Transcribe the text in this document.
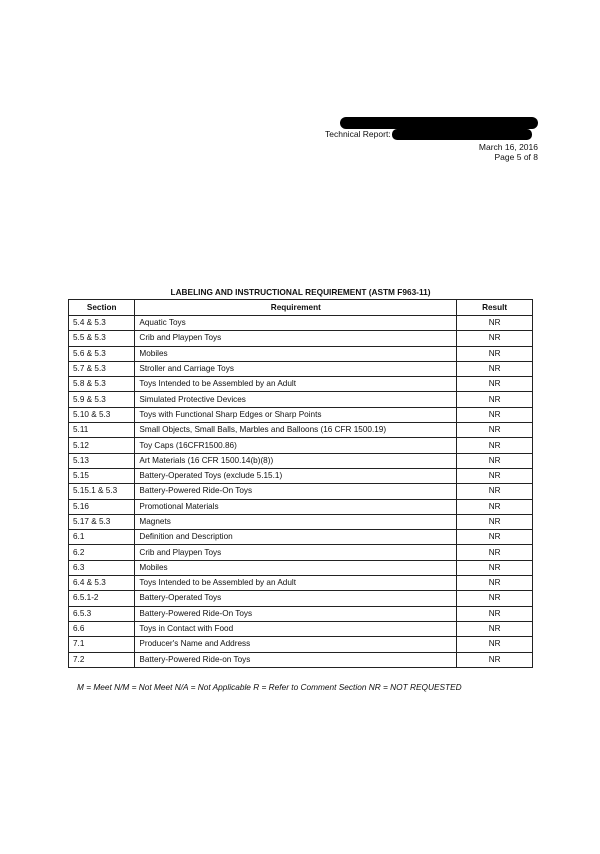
Technical Report:
March 16, 2016
Page 5 of 8
LABELING AND INSTRUCTIONAL REQUIREMENT (ASTM F963-11)
Section	Requirement	Result
5.4 & 5.3	Aquatic Toys	NR
5.5 & 5.3	Crib and Playpen Toys	NR
5.6 & 5.3	Mobiles	NR
5.7 & 5.3	Stroller and Carriage Toys	NR
5.8 & 5.3	Toys Intended to be Assembled by an Adult	NR
5.9 & 5.3	Simulated Protective Devices	NR
5.10 & 5.3	Toys with Functional Sharp Edges or Sharp Points	NR
5.11	Small Objects, Small Balls, Marbles and Balloons (16 CFR 1500.19)	NR
5.12	Toy Caps (16CFR1500.86)	NR
5.13	Art Materials (16 CFR 1500.14(b)(8))	NR
5.15	Battery-Operated Toys (exclude 5.15.1)	NR
5.15.1 & 5.3	Battery-Powered Ride-On Toys	NR
5.16	Promotional Materials	NR
5.17 & 5.3	Magnets	NR
6.1	Definition and Description	NR
6.2	Crib and Playpen Toys	NR
6.3	Mobiles	NR
6.4 & 5.3	Toys Intended to be Assembled by an Adult	NR
6.5.1-2	Battery-Operated Toys	NR
6.5.3	Battery-Powered Ride-On Toys	NR
6.6	Toys in Contact with Food	NR
7.1	Producer's Name and Address	NR
7.2	Battery-Powered Ride-on Toys	NR
M = Meet N/M = Not Meet N/A = Not Applicable R = Refer to Comment Section NR = NOT REQUESTED
